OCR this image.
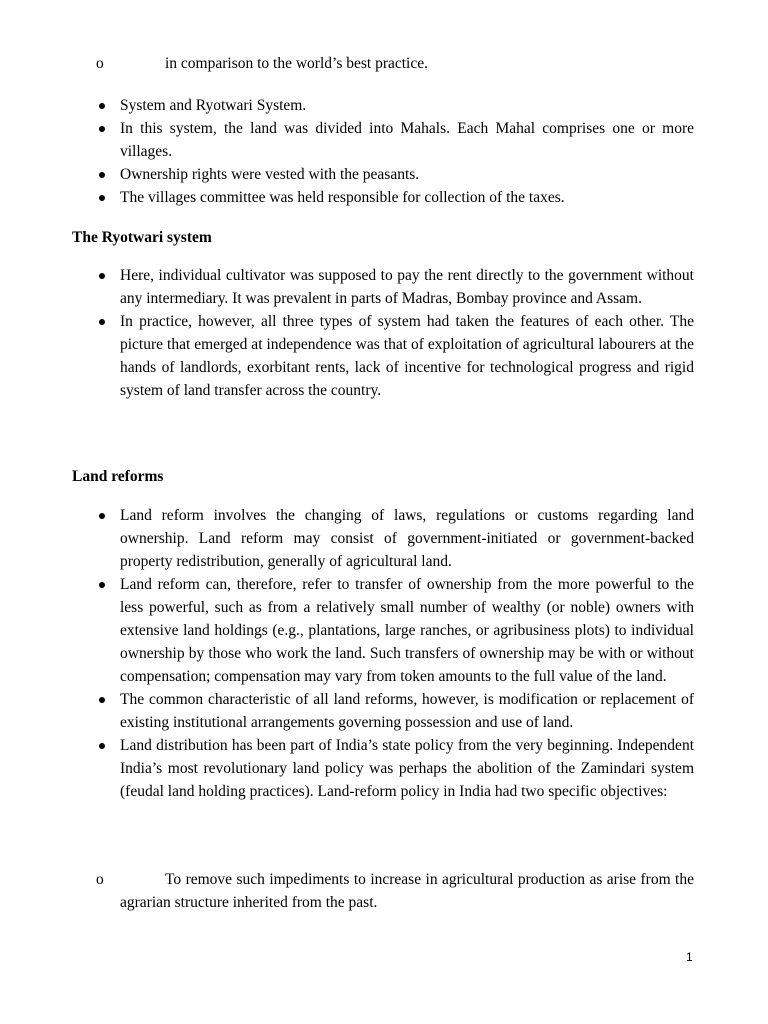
o	in comparison to the world’s best practice.
System and Ryotwari System.
In this system, the land was divided into Mahals. Each Mahal comprises one or more villages.
Ownership rights were vested with the peasants.
The villages committee was held responsible for collection of the taxes.
The Ryotwari system
Here, individual cultivator was supposed to pay the rent directly to the government without any intermediary. It was prevalent in parts of Madras, Bombay province and Assam.
In practice, however, all three types of system had taken the features of each other. The picture that emerged at independence was that of exploitation of agricultural labourers at the hands of landlords, exorbitant rents, lack of incentive for technological progress and rigid system of land transfer across the country.
Land reforms
Land reform involves the changing of laws, regulations or customs regarding land ownership. Land reform may consist of government-initiated or government-backed property redistribution, generally of agricultural land.
Land reform can, therefore, refer to transfer of ownership from the more powerful to the less powerful, such as from a relatively small number of wealthy (or noble) owners with extensive land holdings (e.g., plantations, large ranches, or agribusiness plots) to individual ownership by those who work the land. Such transfers of ownership may be with or without compensation; compensation may vary from token amounts to the full value of the land.
The common characteristic of all land reforms, however, is modification or replacement of existing institutional arrangements governing possession and use of land.
Land distribution has been part of India’s state policy from the very beginning. Independent India’s most revolutionary land policy was perhaps the abolition of the Zamindari system (feudal land holding practices). Land-reform policy in India had two specific objectives:
o	To remove such impediments to increase in agricultural production as arise from the agrarian structure inherited from the past.
1
